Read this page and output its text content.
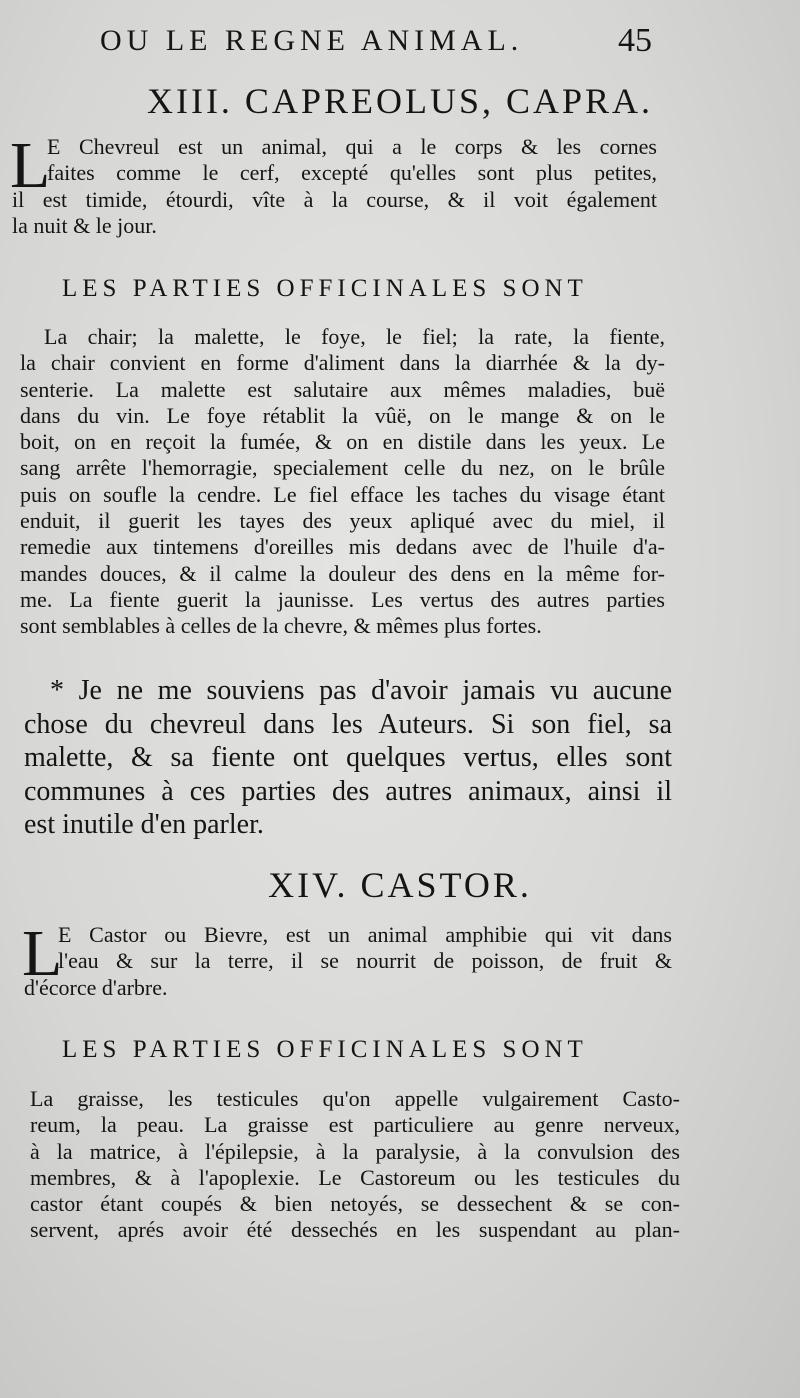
OU LE REGNE ANIMAL.	45
XIII. CAPREOLUS, CAPRA.
L
E Chevreul est un animal, qui a le corps & les cornes
faites comme le cerf, excepté qu'elles sont plus petites,
il est timide, étourdi, vîte à la course, & il voit également
la nuit & le jour.
LES PARTIES OFFICINALES SONT
La chair; la malette, le foye, le fiel; la rate, la fiente,
la chair convient en forme d'aliment dans la diarrhée & la dy-
senterie. La malette est salutaire aux mêmes maladies, buë
dans du vin. Le foye rétablit la vûë, on le mange & on le
boit, on en reçoit la fumée, & on en distile dans les yeux. Le
sang arrête l'hemorragie, specialement celle du nez, on le brûle
puis on soufle la cendre. Le fiel efface les taches du visage étant
enduit, il guerit les tayes des yeux apliqué avec du miel, il
remedie aux tintemens d'oreilles mis dedans avec de l'huile d'a-
mandes douces, & il calme la douleur des dens en la même for-
me. La fiente guerit la jaunisse. Les vertus des autres parties
sont semblables à celles de la chevre, & mêmes plus fortes.
* Je ne me souviens pas d'avoir jamais vu aucune
chose du chevreul dans les Auteurs. Si son fiel, sa
malette, & sa fiente ont quelques vertus, elles sont
communes à ces parties des autres animaux, ainsi il
est inutile d'en parler.
XIV. CASTOR.
L
E Castor ou Bievre, est un animal amphibie qui vit dans
l'eau & sur la terre, il se nourrit de poisson, de fruit &
d'écorce d'arbre.
LES PARTIES OFFICINALES SONT
La graisse, les testicules qu'on appelle vulgairement Casto-
reum, la peau. La graisse est particuliere au genre nerveux,
à la matrice, à l'épilepsie, à la paralysie, à la convulsion des
membres, & à l'apoplexie. Le Castoreum ou les testicules du
castor étant coupés & bien netoyés, se dessechent & se con-
servent, aprés avoir été dessechés en les suspendant au plan-
